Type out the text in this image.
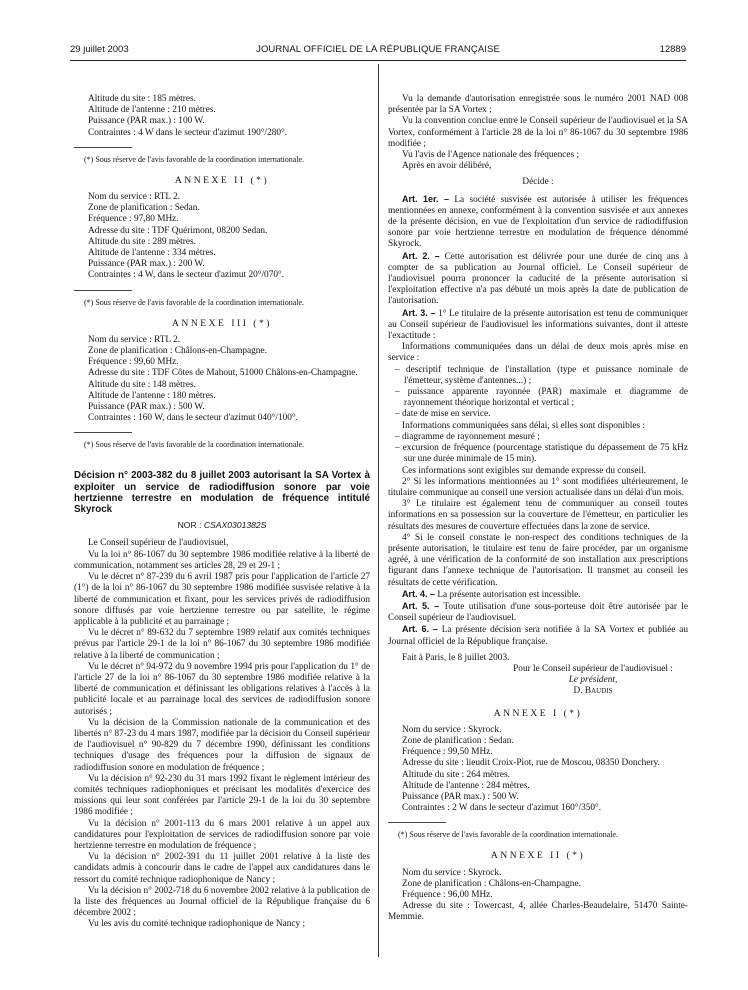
29 juillet 2003	JOURNAL OFFICIEL DE LA RÉPUBLIQUE FRANÇAISE	12889

Altitude du site : 185 mètres.

Altitude de l'antenne : 210 mètres.

Puissance (PAR max.) : 100 W.

Contraintes : 4 W dans le secteur d'azimut 190°/280°.

(*) Sous réserve de l'avis favorable de la coordination internationale.

ANNEXE II (*)

Nom du service : RTL 2.

Zone de planification : Sedan.

Fréquence : 97,80 MHz.

Adresse du site : TDF Quérimont, 08200 Sedan.

Altitude du site : 289 mètres.

Altitude de l'antenne : 334 mètres.

Puissance (PAR max.) : 200 W.

Contraintes : 4 W, dans le secteur d'azimut 20°/070°.

(*) Sous réserve de l'avis favorable de la coordination internationale.

ANNEXE III (*)

Nom du service : RTL 2.

Zone de planification : Châlons-en-Champagne.

Fréquence : 99,60 MHz.

Adresse du site : TDF Côtes de Mahout, 51000 Châlons-en-Champagne.

Altitude du site : 148 mètres.

Altitude de l'antenne : 180 mètres.

Puissance (PAR max.) : 500 W.

Contraintes : 160 W, dans le secteur d'azimut 040°/100°.

(*) Sous réserve de l'avis favorable de la coordination internationale.

Décision n° 2003-382 du 8 juillet 2003 autorisant la SA Vortex à exploiter un service de radiodiffusion sonore par voie hertzienne terrestre en modulation de fréquence intitulé Skyrock

NOR : CSAX0301382S

Le Conseil supérieur de l'audiovisuel,

Vu la loi n° 86-1067 du 30 septembre 1986 modifiée relative à la liberté de communication, notamment ses articles 28, 29 et 29-1 ;

Vu le décret n° 87-239 du 6 avril 1987 pris pour l'application de l'article 27 (1°) de la loi n° 86-1067 du 30 septembre 1986 modifiée susvisée relative à la liberté de communication et fixant, pour les services privés de radiodiffusion sonore diffusés par voie hertzienne terrestre ou par satellite, le régime applicable à la publicité et au parrainage ;

Vu le décret n° 89-632 du 7 septembre 1989 relatif aux comités techniques prévus par l'article 29-1 de la loi n° 86-1067 du 30 septembre 1986 modifiée relative à la liberté de communication ;

Vu le décret n° 94-972 du 9 novembre 1994 pris pour l'application du 1° de l'article 27 de la loi n° 86-1067 du 30 septembre 1986 modifiée relative à la liberté de communication et définissant les obligations relatives à l'accès à la publicité locale et au parrainage local des services de radiodiffusion sonore autorisés ;

Vu la décision de la Commission nationale de la communication et des libertés n° 87-23 du 4 mars 1987, modifiée par la décision du Conseil supérieur de l'audiovisuel n° 90-829 du 7 décembre 1990, définissant les conditions techniques d'usage des fréquences pour la diffusion de signaux de radiodiffusion sonore en modulation de fréquence ;

Vu la décision n° 92-230 du 31 mars 1992 fixant le règlement intérieur des comités techniques radiophoniques et précisant les modalités d'exercice des missions qui leur sont conférées par l'article 29-1 de la loi du 30 septembre 1986 modifiée ;

Vu la décision n° 2001-113 du 6 mars 2001 relative à un appel aux candidatures pour l'exploitation de services de radiodiffusion sonore par voie hertzienne terrestre en modulation de fréquence ;

Vu la décision n° 2002-391 du 11 juillet 2001 relative à la liste des candidats admis à concourir dans le cadre de l'appel aux candidatures dans le ressort du comité technique radiophonique de Nancy ;

Vu la décision n° 2002-718 du 6 novembre 2002 relative à la publication de la liste des fréquences au Journal officiel de la République française du 6 décembre 2002 ;

Vu les avis du comité technique radiophonique de Nancy ;

Vu la demande d'autorisation enregistrée sous le numéro 2001 NAD 008 présentée par la SA Vortex ;

Vu la convention conclue entre le Conseil supérieur de l'audiovisuel et la SA Vortex, conformément à l'article 28 de la loi n° 86-1067 du 30 septembre 1986 modifiée ;

Vu l'avis de l'Agence nationale des fréquences ;

Après en avoir délibéré,

Décide :

Art. 1er. – La société susvisée est autorisée à utiliser les fréquences mentionnées en annexe, conformément à la convention susvisée et aux annexes de la présente décision, en vue de l'exploitation d'un service de radiodiffusion sonore par voie hertzienne terrestre en modulation de fréquence dénommé Skyrock.

Art. 2. – Cette autorisation est délivrée pour une durée de cinq ans à compter de sa publication au Journal officiel. Le Conseil supérieur de l'audiovisuel pourra prononcer la caducité de la présente autorisation si l'exploitation effective n'a pas débuté un mois après la date de publication de l'autorisation.

Art. 3. – 1° Le titulaire de la présente autorisation est tenu de communiquer au Conseil supérieur de l'audiovisuel les informations suivantes, dont il atteste l'exactitude :

Informations communiquées dans un délai de deux mois après mise en service :

– descriptif technique de l'installation (type et puissance nominale de l'émetteur, système d'antennes...) ;

– puissance apparente rayonnée (PAR) maximale et diagramme de rayonnement théorique horizontal et vertical ;

– date de mise en service.

Informations communiquées sans délai, si elles sont disponibles :

– diagramme de rayonnement mesuré ;

– excursion de fréquence (pourcentage statistique du dépassement de 75 kHz sur une durée minimale de 15 min).

Ces informations sont exigibles sur demande expresse du conseil.

2° Si les informations mentionnées au 1° sont modifiées ultérieurement, le titulaire communique au conseil une version actualisée dans un délai d'un mois.

3° Le titulaire est également tenu de communiquer au conseil toutes informations en sa possession sur la couverture de l'émetteur, en particulier les résultats des mesures de couverture effectuées dans la zone de service.

4° Si le conseil constate le non-respect des conditions techniques de la présente autorisation, le titulaire est tenu de faire procéder, par un organisme agréé, à une vérification de la conformité de son installation aux prescriptions figurant dans l'annexe technique de l'autorisation. Il transmet au conseil les résultats de cette vérification.

Art. 4. – La présente autorisation est incessible.

Art. 5. – Toute utilisation d'une sous-porteuse doit être autorisée par le Conseil supérieur de l'audiovisuel.

Art. 6. – La présente décision sera notifiée à la SA Vortex et publiée au Journal officiel de la République française.

Fait à Paris, le 8 juillet 2003.

Pour le Conseil supérieur de l'audiovisuel :

Le président,

D. Baudis

ANNEXE I (*)

Nom du service : Skyrock.

Zone de planification : Sedan.

Fréquence : 99,50 MHz.

Adresse du site : lieudit Croix-Piot, rue de Moscou, 08350 Donchery.

Altitude du site : 264 mètres.

Altitude de l'antenne : 284 mètres.

Puissance (PAR max.) : 500 W.

Contraintes : 2 W dans le secteur d'azimut 160°/350°.

(*) Sous réserve de l'avis favorable de la coordination internationale.

ANNEXE II (*)

Nom du service : Skyrock.

Zone de planification : Châlons-en-Champagne.

Fréquence : 96,00 MHz.

Adresse du site : Towercast, 4, allée Charles-Beaudelaire, 51470 Sainte-Memmie.
